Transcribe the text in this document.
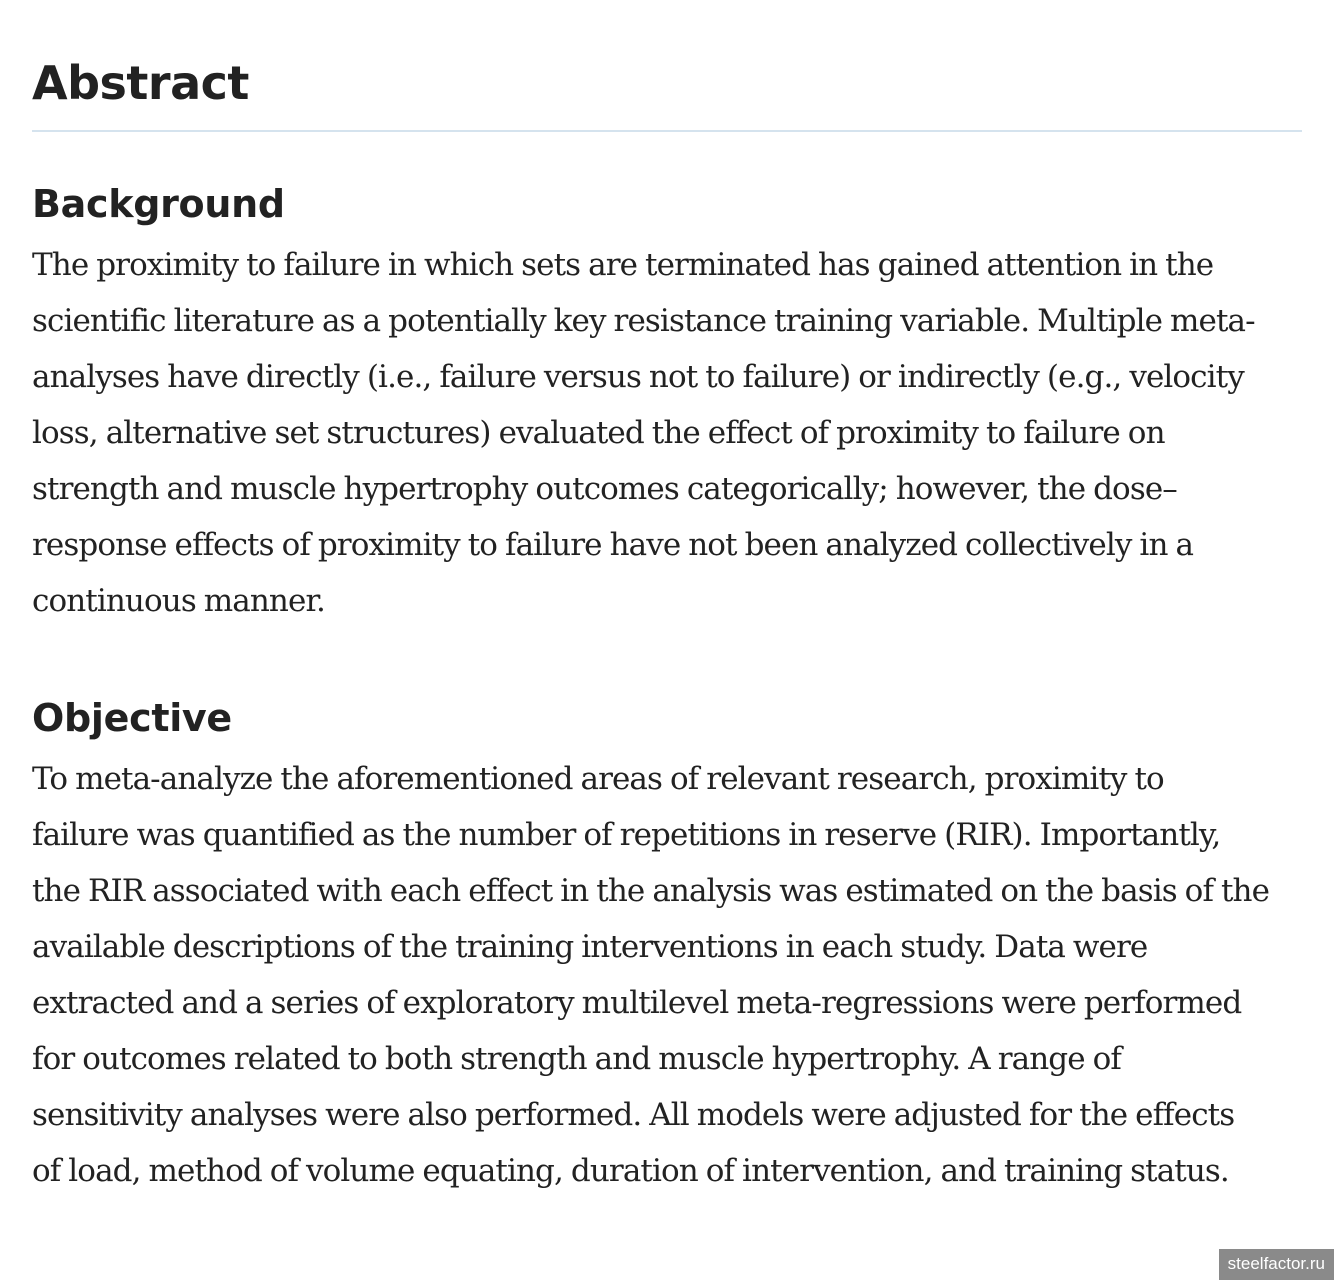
Abstract
Background

The proximity to failure in which sets are terminated has gained attention in the
scientific literature as a potentially key resistance training variable. Multiple meta-
analyses have directly (i.e., failure versus not to failure) or indirectly (e.g., velocity
loss, alternative set structures) evaluated the effect of proximity to failure on
strength and muscle hypertrophy outcomes categorically; however, the dose–
response effects of proximity to failure have not been analyzed collectively in a
continuous manner.

Objective

To meta-analyze the aforementioned areas of relevant research, proximity to
failure was quantified as the number of repetitions in reserve (RIR). Importantly,
the RIR associated with each effect in the analysis was estimated on the basis of the
available descriptions of the training interventions in each study. Data were
extracted and a series of exploratory multilevel meta-regressions were performed
for outcomes related to both strength and muscle hypertrophy. A range of
sensitivity analyses were also performed. All models were adjusted for the effects
of load, method of volume equating, duration of intervention, and training status.

steelfactor.ru
